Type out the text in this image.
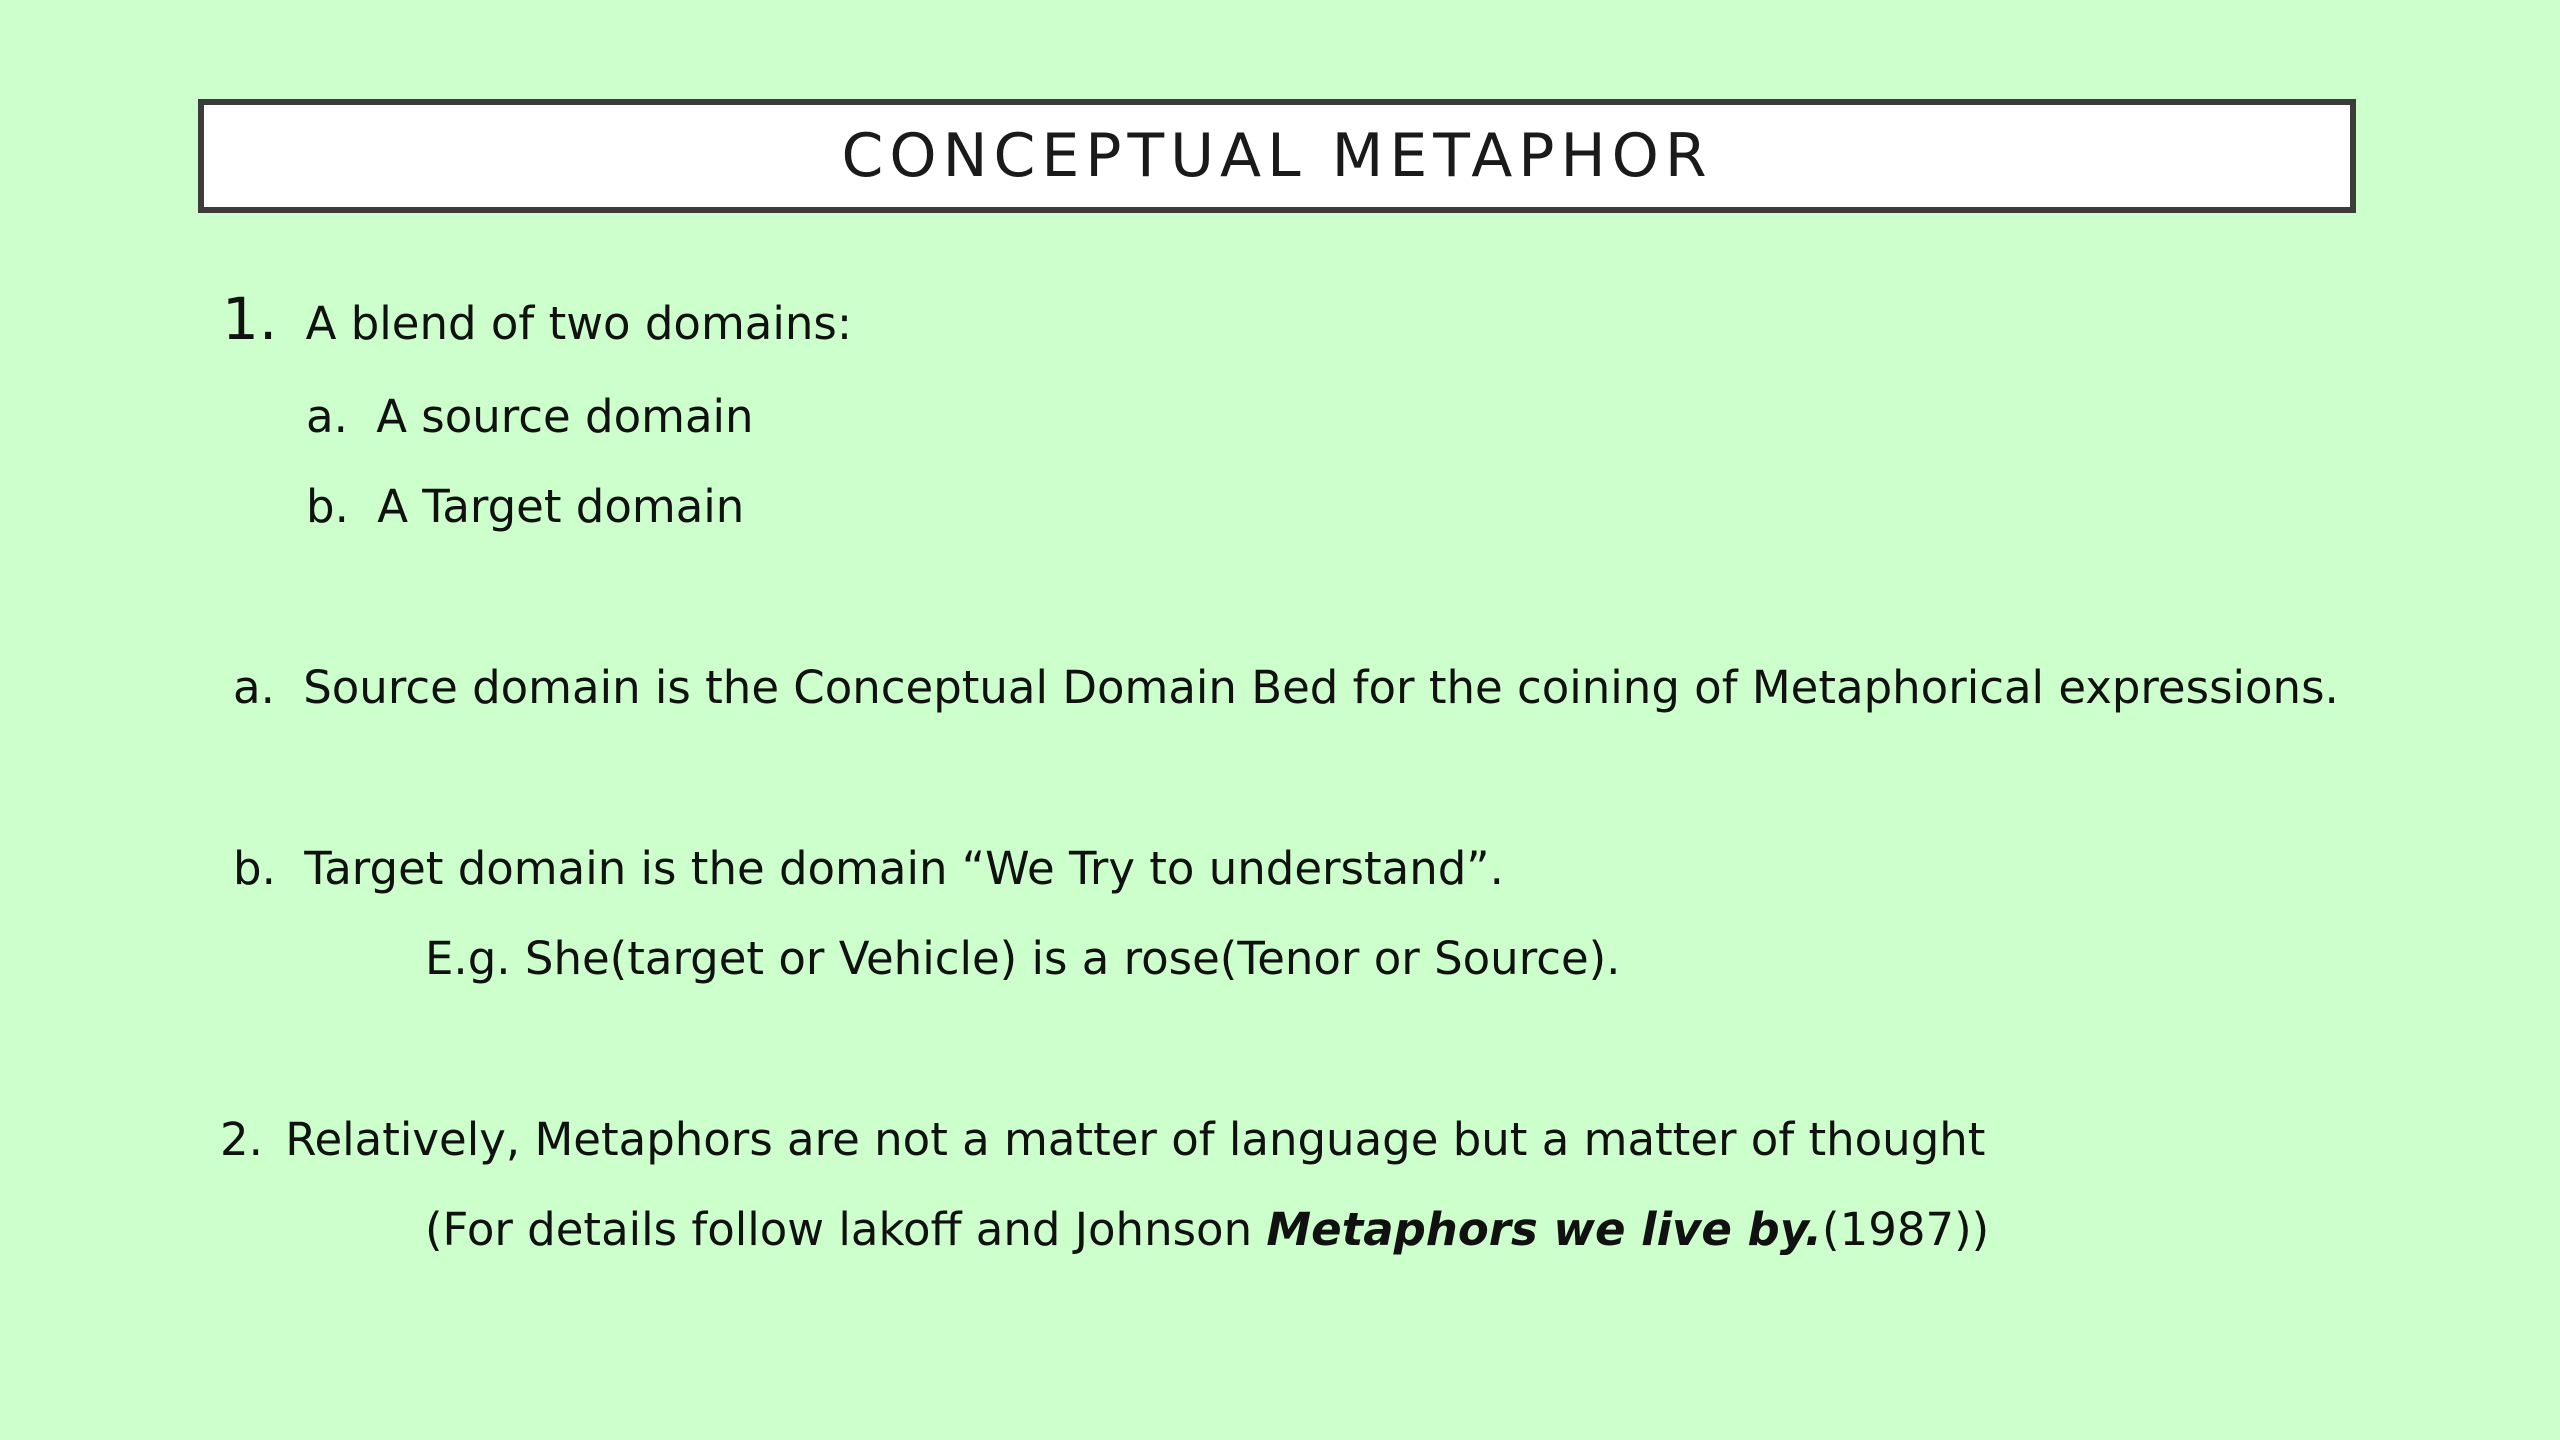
CONCEPTUAL METAPHOR
1. A blend of two domains:
a. A source domain
b. A Target domain
a. Source domain is the Conceptual Domain Bed for the coining of Metaphorical expressions.
b. Target domain is the domain “We Try to understand”.
E.g. She(target or Vehicle) is a rose(Tenor or Source).
2. Relatively, Metaphors are not a matter of language but a matter of thought
(For details follow lakoff and Johnson Metaphors we live by.(1987))
